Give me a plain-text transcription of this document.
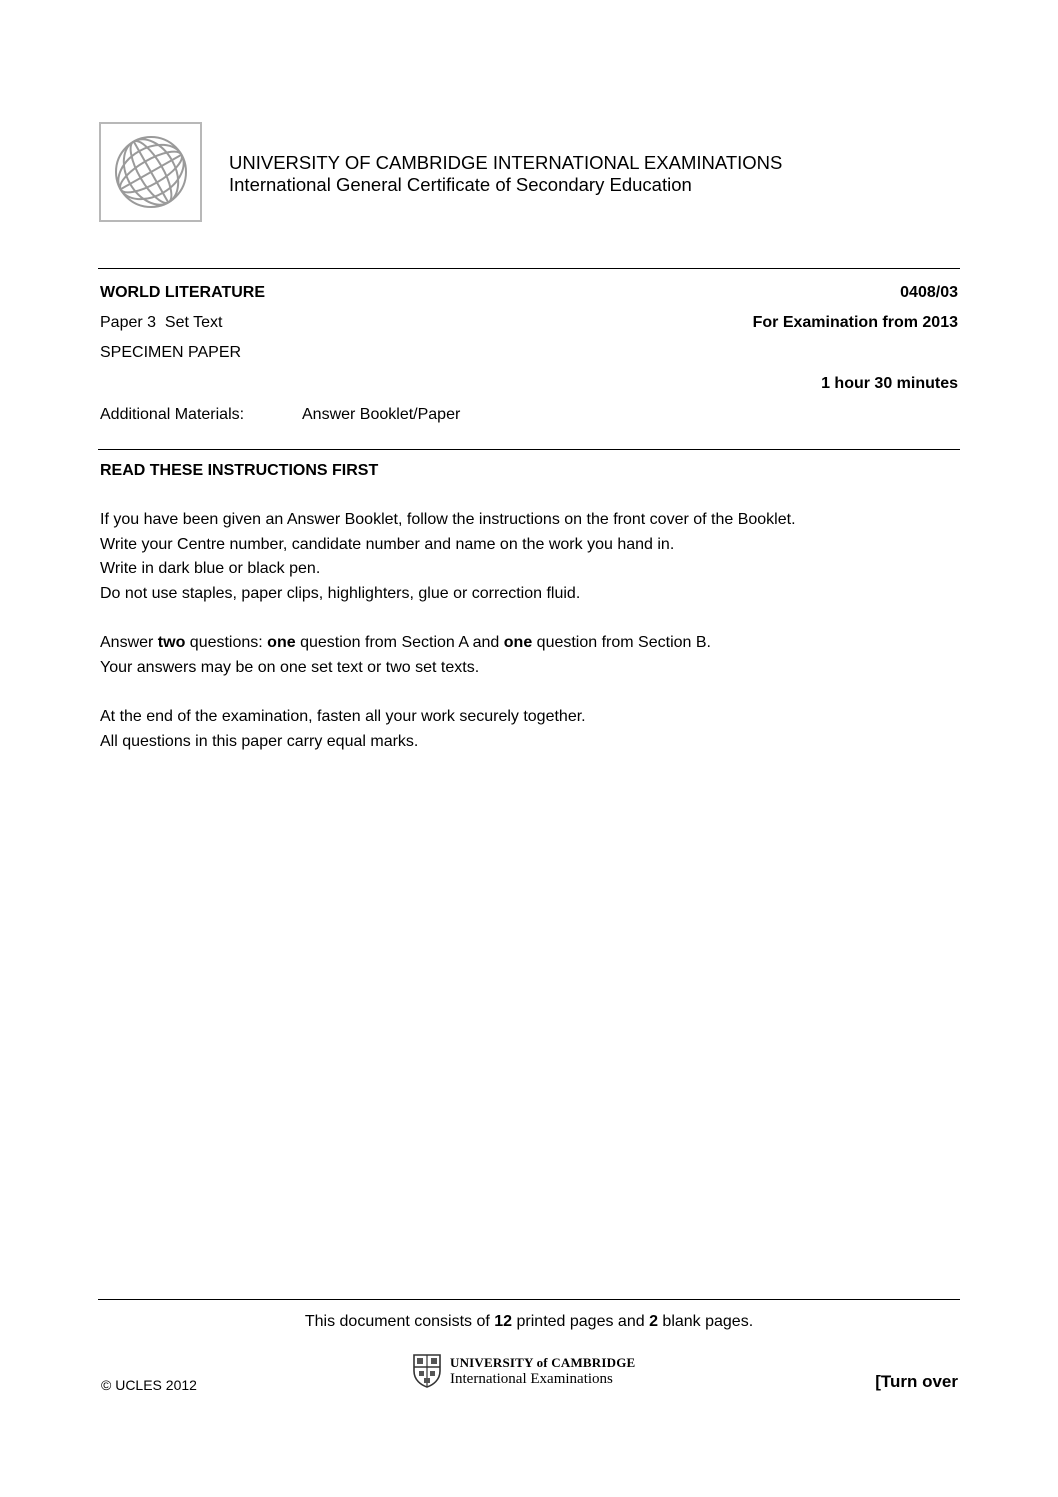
UNIVERSITY OF CAMBRIDGE INTERNATIONAL EXAMINATIONS
International General Certificate of Secondary Education
WORLD LITERATURE	0408/03
Paper 3  Set Text	For Examination from 2013
SPECIMEN PAPER
1 hour 30 minutes
Additional Materials:	Answer Booklet/Paper
READ THESE INSTRUCTIONS FIRST

If you have been given an Answer Booklet, follow the instructions on the front cover of the Booklet.

Write your Centre number, candidate number and name on the work you hand in.

Write in dark blue or black pen.

Do not use staples, paper clips, highlighters, glue or correction fluid.

Answer two questions: one question from Section A and one question from Section B.

Your answers may be on one set text or two set texts.

At the end of the examination, fasten all your work securely together.

All questions in this paper carry equal marks.

This document consists of 12 printed pages and 2 blank pages.
UNIVERSITY of CAMBRIDGE
International Examinations
© UCLES 2012	[Turn over
